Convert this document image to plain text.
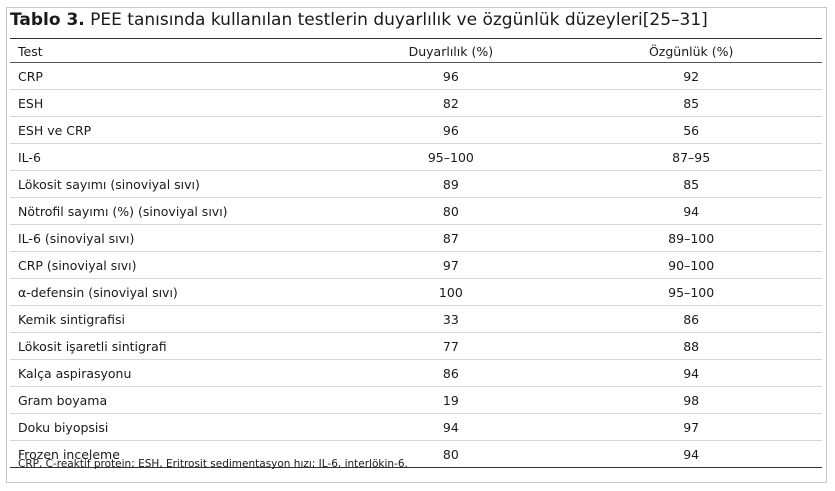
Tablo 3. PEE tanısında kullanılan testlerin duyarlılık ve özgünlük düzeyleri[25–31]
Test	Duyarlılık (%)	Özgünlük (%)
CRP	96	92
ESH	82	85
ESH ve CRP	96	56
IL-6	95–100	87–95
Lökosit sayımı (sinoviyal sıvı)	89	85
Nötrofil sayımı (%) (sinoviyal sıvı)	80	94
IL-6 (sinoviyal sıvı)	87	89–100
CRP (sinoviyal sıvı)	97	90–100
α-defensin (sinoviyal sıvı)	100	95–100
Kemik sintigrafisi	33	86
Lökosit işaretli sintigrafi	77	88
Kalça aspirasyonu	86	94
Gram boyama	19	98
Doku biyopsisi	94	97
Frozen inceleme	80	94
CRP, C-reaktif protein; ESH, Eritrosit sedimentasyon hızı; IL-6, interlökin-6.
